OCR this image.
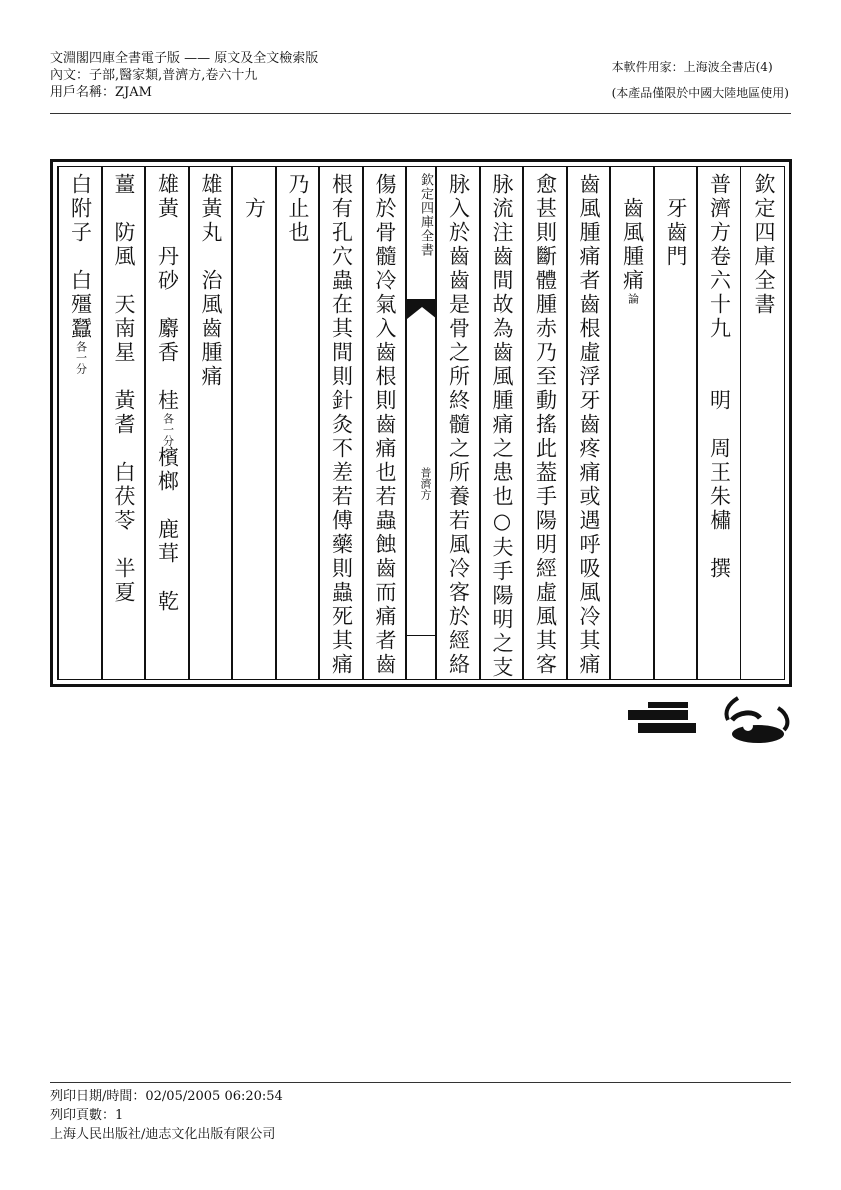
文淵閣四庫全書電子版 —— 原文及全文檢索版
內文：子部,醫家類,普濟方,卷六十九
用戶名稱：ZJAM
本軟件用家：上海波全書店(4)
(本產品僅限於中國大陸地區使用)
欽定四庫全書
普濟方卷六十九　　明　周王朱橚　撰
　牙齒門
　齒風腫痛論
齒風腫痛者齒根虛浮牙齒疼痛或遇呼吸風冷其痛
愈甚則斷體腫赤乃至動搖此葢手陽明經虛風其客
脉流注齒間故為齒風腫痛之患也○夫手陽明之支
脉入於齒齒是骨之所終髓之所養若風冷客於經絡
欽定四庫全書
普濟方
傷於骨髓冷氣入齒根則齒痛也若蟲蝕齒而痛者齒
根有孔穴蟲在其間則針灸不差若傅藥則蟲死其痛
乃止也
　方
雄黃丸　治風齒腫痛
雄黃　丹砂　麝香　桂各一分檳榔　鹿茸　乾
薑　防風　天南星　黃耆　白茯苓　半夏
白附子　白殭蠶各一分
列印日期/時間：02/05/2005 06:20:54
列印頁數：1
上海人民出版社/迪志文化出版有限公司
